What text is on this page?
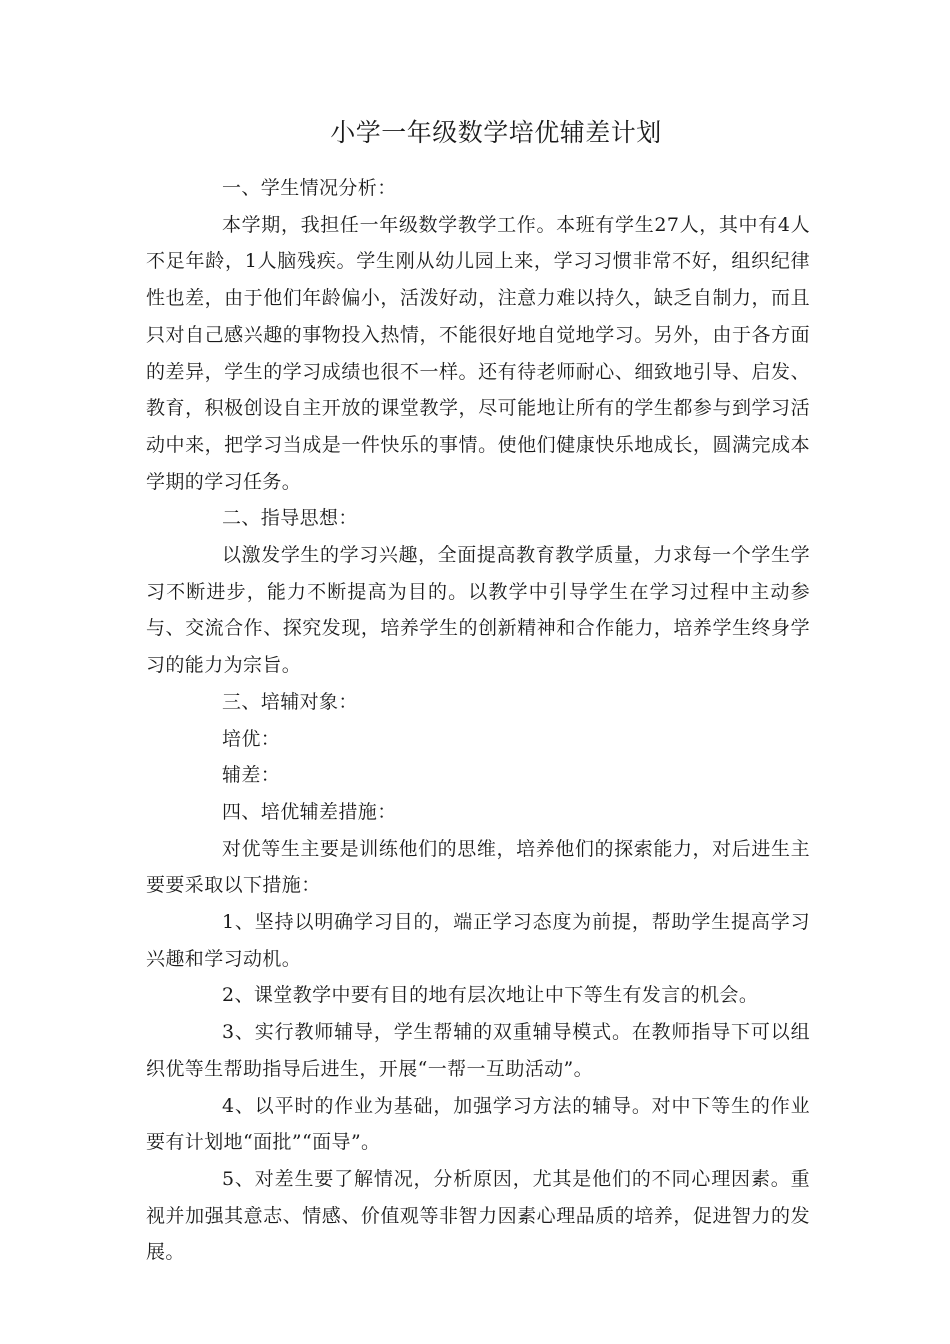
小学一年级数学培优辅差计划

一、学生情况分析：

本学期，我担任一年级数学教学工作。本班有学生27人，其中有4人不足年龄，1人脑残疾。学生刚从幼儿园上来，学习习惯非常不好，组织纪律性也差，由于他们年龄偏小，活泼好动，注意力难以持久，缺乏自制力，而且只对自己感兴趣的事物投入热情，不能很好地自觉地学习。另外，由于各方面的差异，学生的学习成绩也很不一样。还有待老师耐心、细致地引导、启发、教育，积极创设自主开放的课堂教学，尽可能地让所有的学生都参与到学习活动中来，把学习当成是一件快乐的事情。使他们健康快乐地成长，圆满完成本学期的学习任务。

二、指导思想：

以激发学生的学习兴趣，全面提高教育教学质量，力求每一个学生学习不断进步，能力不断提高为目的。以教学中引导学生在学习过程中主动参与、交流合作、探究发现，培养学生的创新精神和合作能力，培养学生终身学习的能力为宗旨。

三、培辅对象：

培优：

辅差：

四、培优辅差措施：

对优等生主要是训练他们的思维，培养他们的探索能力，对后进生主要要采取以下措施：

1、坚持以明确学习目的，端正学习态度为前提，帮助学生提高学习兴趣和学习动机。

2、课堂教学中要有目的地有层次地让中下等生有发言的机会。

3、实行教师辅导，学生帮辅的双重辅导模式。在教师指导下可以组织优等生帮助指导后进生，开展“一帮一互助活动”。

4、以平时的作业为基础，加强学习方法的辅导。对中下等生的作业要有计划地“面批”“面导”。

5、对差生要了解情况，分析原因，尤其是他们的不同心理因素。重视并加强其意志、情感、价值观等非智力因素心理品质的培养，促进智力的发展。
